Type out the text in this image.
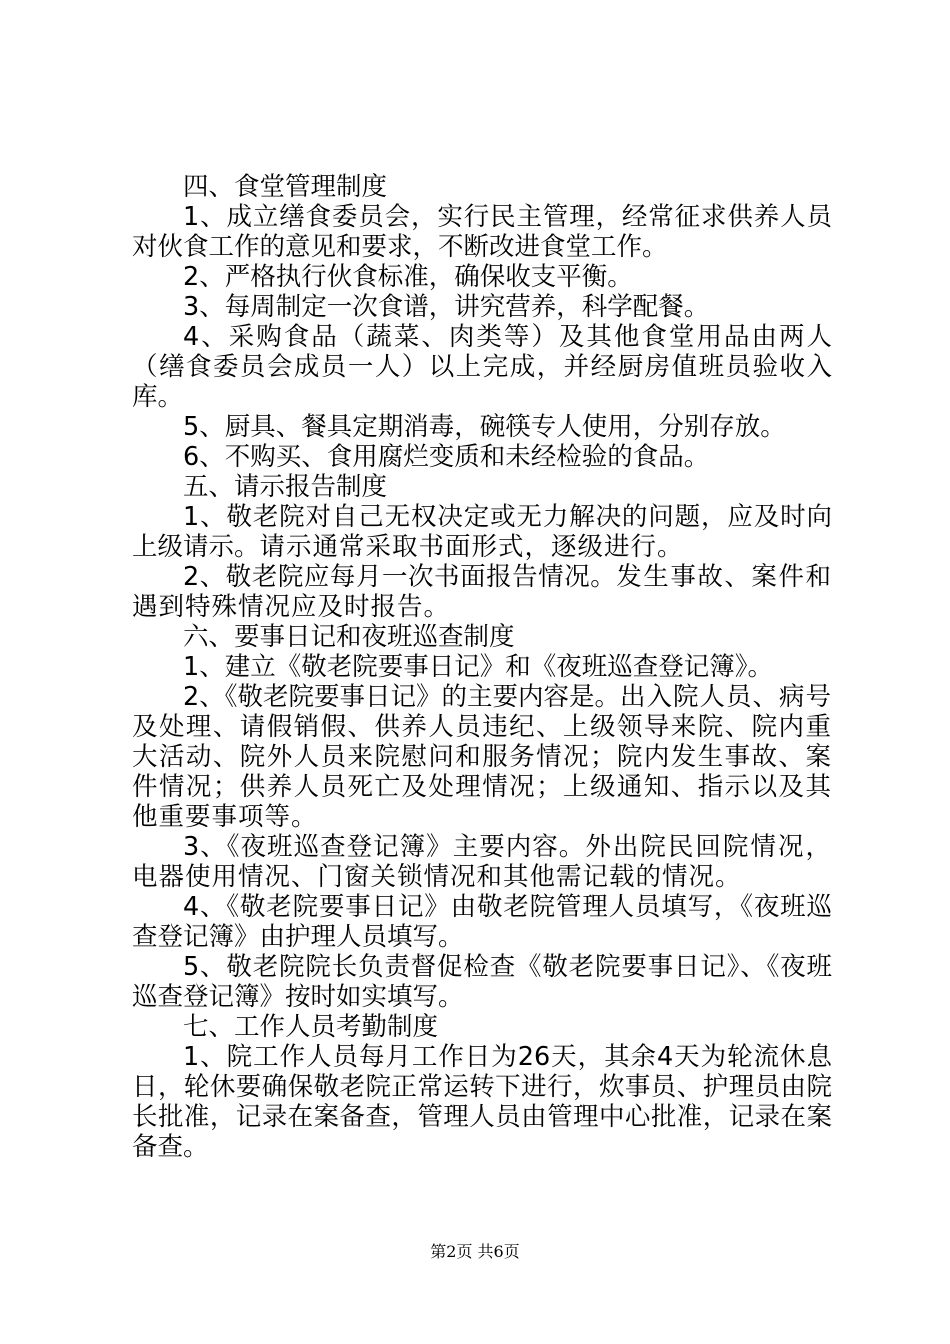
四、食堂管理制度

1、成立缮食委员会，实行民主管理，经常征求供养人员对伙食工作的意见和要求，不断改进食堂工作。

2、严格执行伙食标准，确保收支平衡。

3、每周制定一次食谱，讲究营养，科学配餐。

4、采购食品（蔬菜、肉类等）及其他食堂用品由两人（缮食委员会成员一人）以上完成，并经厨房值班员验收入库。

5、厨具、餐具定期消毒，碗筷专人使用，分别存放。

6、不购买、食用腐烂变质和未经检验的食品。

五、请示报告制度

1、敬老院对自己无权决定或无力解决的问题，应及时向上级请示。请示通常采取书面形式，逐级进行。

2、敬老院应每月一次书面报告情况。发生事故、案件和遇到特殊情况应及时报告。

六、要事日记和夜班巡查制度

1、建立《敬老院要事日记》和《夜班巡查登记簿》。

2、《敬老院要事日记》的主要内容是。出入院人员、病号及处理、请假销假、供养人员违纪、上级领导来院、院内重大活动、院外人员来院慰问和服务情况；院内发生事故、案件情况；供养人员死亡及处理情况；上级通知、指示以及其他重要事项等。

3、《夜班巡查登记簿》主要内容。外出院民回院情况，电器使用情况、门窗关锁情况和其他需记载的情况。

4、《敬老院要事日记》由敬老院管理人员填写，《夜班巡查登记簿》由护理人员填写。

5、敬老院院长负责督促检查《敬老院要事日记》、《夜班巡查登记簿》按时如实填写。

七、工作人员考勤制度

1、院工作人员每月工作日为26天，其余4天为轮流休息日，轮休要确保敬老院正常运转下进行，炊事员、护理员由院长批准，记录在案备查，管理人员由管理中心批准，记录在案备查。

第2页 共6页
